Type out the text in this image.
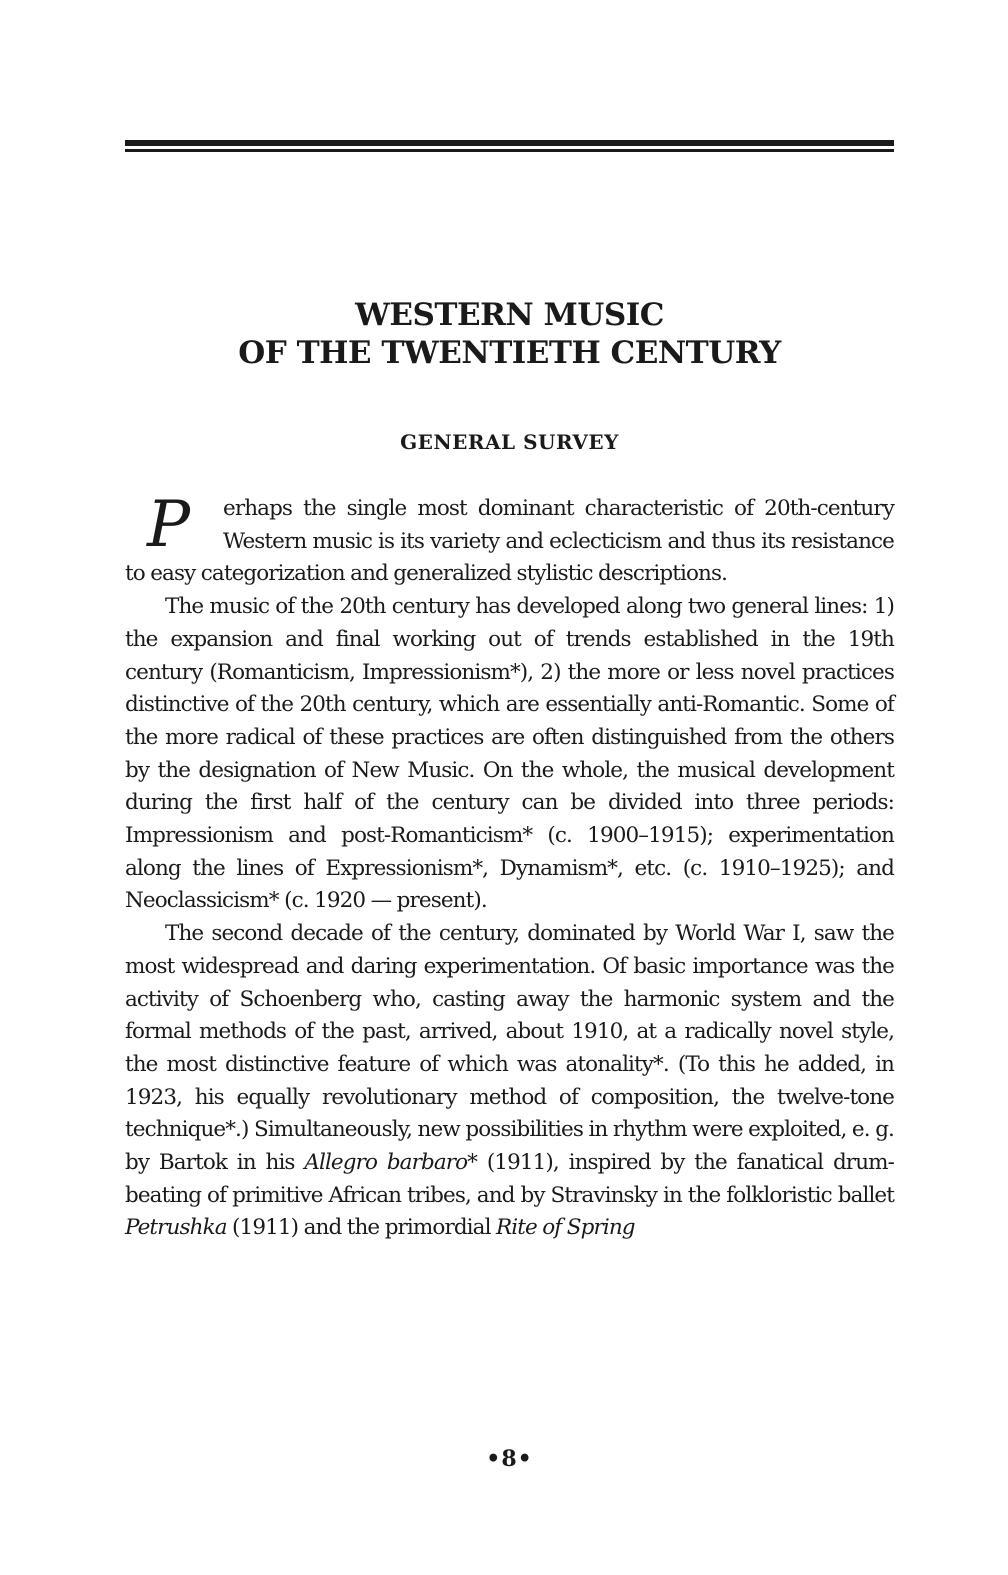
WESTERN MUSIC
OF THE TWENTIETH CENTURY
GENERAL SURVEY

P	erhaps the single most dominant characteristic of 20th-century Western music is its variety and eclecticism and thus its resistance to easy categorization and generalized stylistic descriptions.

The music of the 20th century has developed along two general lines: 1) the expansion and final working out of trends established in the 19th century (Romanticism, Impressionism*), 2) the more or less novel practices distinctive of the 20th century, which are essentially anti-Romantic. Some of the more radical of these practices are often distinguished from the others by the designation of New Music. On the whole, the musical development during the first half of the century can be divided into three periods: Impressionism and post-Romanticism* (c. 1900–1915); experimentation along the lines of Expressionism*, Dynamism*, etc. (c. 1910–1925); and Neoclassicism* (c. 1920 — present).

The second decade of the century, dominated by World War I, saw the most widespread and daring experimentation. Of basic importance was the activity of Schoenberg who, casting away the harmonic system and the formal methods of the past, arrived, about 1910, at a radically novel style, the most distinctive feature of which was atonality*. (To this he added, in 1923, his equally revolutionary method of composition, the twelve-tone technique*.) Simultaneously, new possibilities in rhythm were exploited, e. g. by Bartok in his Allegro barbaro* (1911), inspired by the fanatical drum-beating of primitive African tribes, and by Stravinsky in the folkloristic ballet Petrushka (1911) and the primordial Rite of Spring

•8•
